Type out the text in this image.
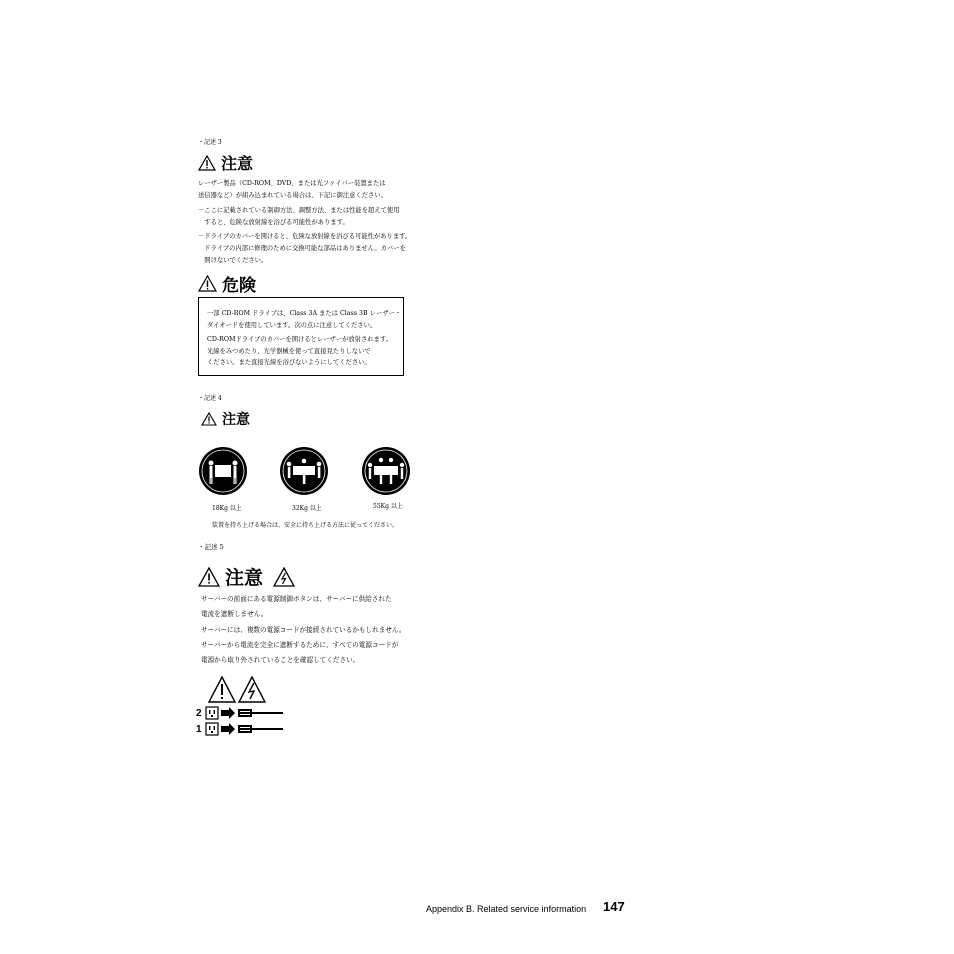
・記述 3
注意
レーザー製品（CD-ROM、DVD、または光ファイバー装置または
送信器など）が組み込まれている場合は、下記に御注意ください。
－ここに記載されている制御方法、調整方法、または性能を超えて使用
　すると、危険な放射線を浴びる可能性があります。
－ドライブのカバーを開けると、危険な放射線を浴びる可能性があります。
　ドライブの内部に修理のために交換可能な部品はありません。カバーを
　開けないでください。
危険
一部 CD-ROM ドライブは、Class 3A または Class 3B レーザー・
ダイオードを使用しています。次の点に注意してください。
CD-ROMドライブのカバーを開けるとレーザーが放射されます。
光線をみつめたり、光学器械を使って直接見たりしないで
ください。また直接光線を浴びないようにしてください。
・記述 4
注意
18Kg 以上	32Kg 以上	55Kg 以上
装置を持ち上げる場合は、安全に持ち上げる方法に従ってください。
・記述 5
注意
サーバーの前面にある電源制御ボタンは、サーバーに供給された
電流を遮断しません。
サーバーには、複数の電源コードが接続されているかもしれません。
サーバーから電流を完全に遮断するために、すべての電源コードが
電源から取り外されていることを確認してください。
2
1
Appendix B. Related service information 147
